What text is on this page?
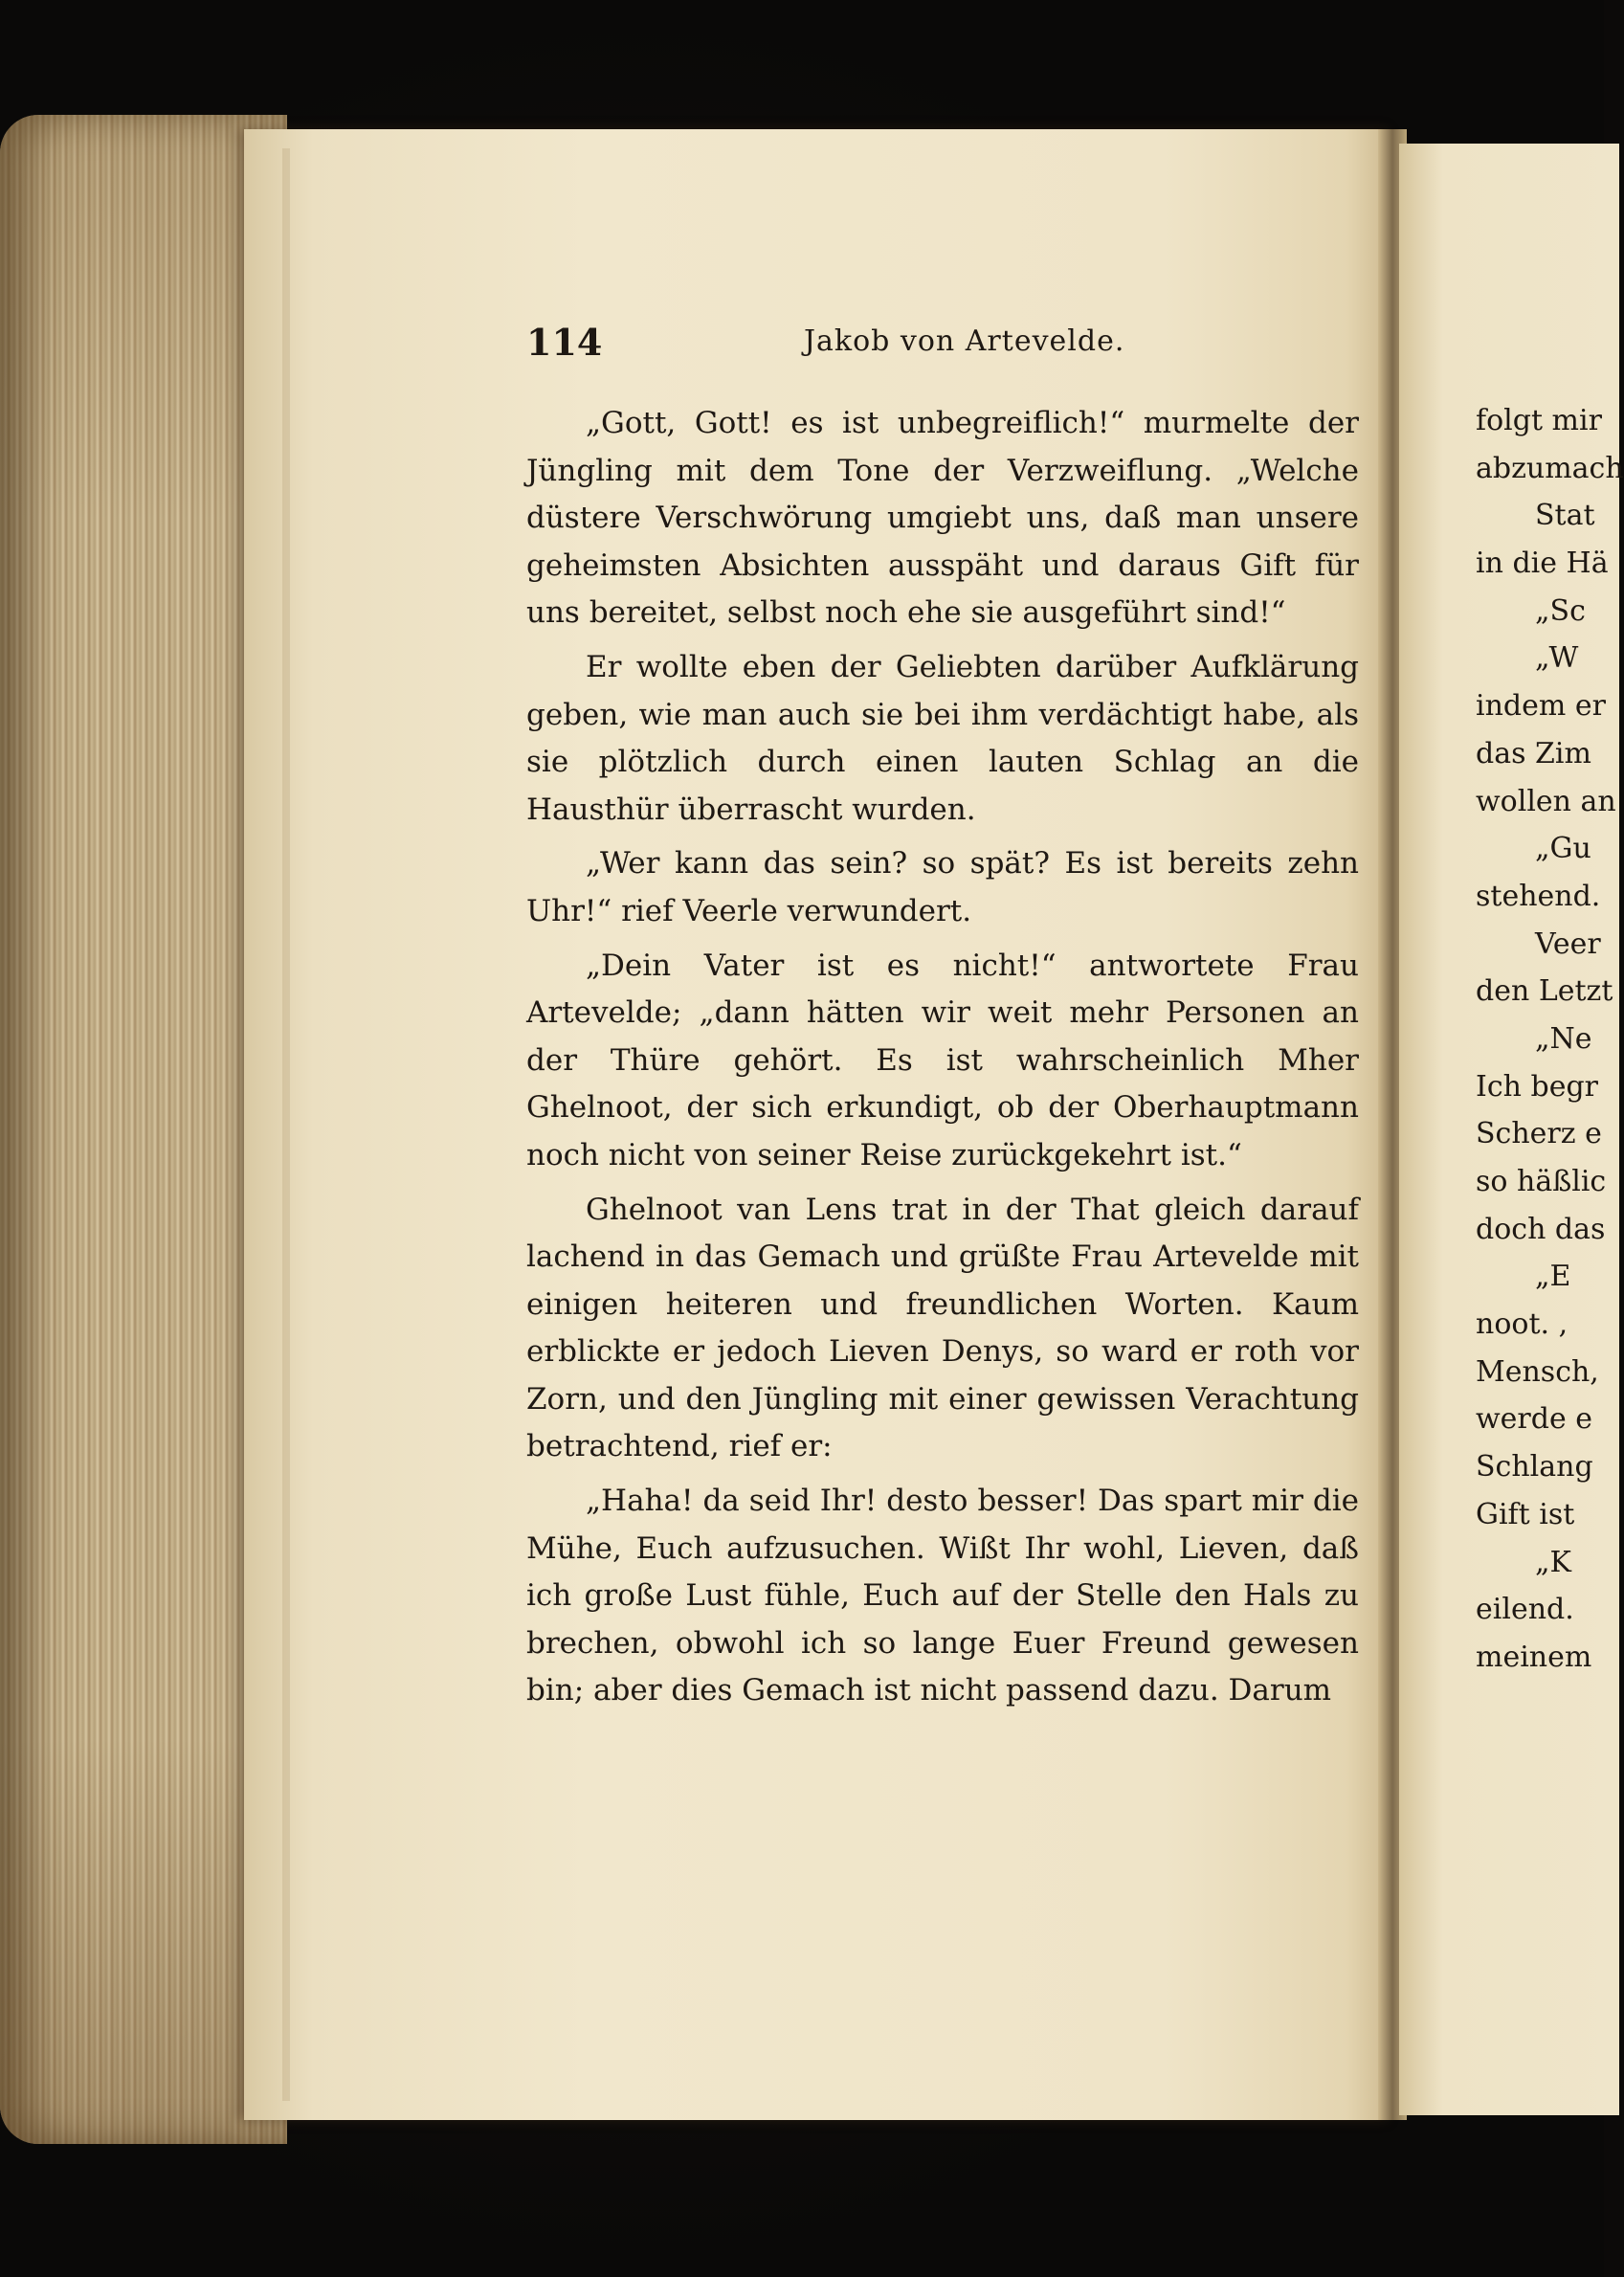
114	Jakob von Artevelde.

„Gott, Gott! es ist unbegreiflich!“ murmelte der Jüngling mit dem Tone der Verzweiflung. „Welche düstere Verschwörung umgiebt uns, daß man unsere geheimsten Absichten ausspäht und daraus Gift für uns bereitet, selbst noch ehe sie ausgeführt sind!“

Er wollte eben der Geliebten darüber Aufklärung geben, wie man auch sie bei ihm verdächtigt habe, als sie plötzlich durch einen lauten Schlag an die Hausthür überrascht wurden.

„Wer kann das sein? so spät? Es ist bereits zehn Uhr!“ rief Veerle verwundert.

„Dein Vater ist es nicht!“ antwortete Frau Artevelde; „dann hätten wir weit mehr Personen an der Thüre gehört. Es ist wahrscheinlich Mher Ghelnoot, der sich erkundigt, ob der Oberhauptmann noch nicht von seiner Reise zurückgekehrt ist.“

Ghelnoot van Lens trat in der That gleich darauf lachend in das Gemach und grüßte Frau Artevelde mit einigen heiteren und freundlichen Worten. Kaum erblickte er jedoch Lieven Denys, so ward er roth vor Zorn, und den Jüngling mit einer gewissen Verachtung betrachtend, rief er:

„Haha! da seid Ihr! desto besser! Das spart mir die Mühe, Euch aufzusuchen. Wißt Ihr wohl, Lieven, daß ich große Lust fühle, Euch auf der Stelle den Hals zu brechen, obwohl ich so lange Euer Freund gewesen bin; aber dies Gemach ist nicht passend dazu. Darum

folgt mir
abzumach
Stat
in die Hä
„Sc
„W
indem er
das Zim
wollen an
„Gu
stehend.
Veer
den Letzt
„Ne
Ich begr
Scherz e
so häßlic
doch das
„E
noot. ,
Mensch,
werde e
Schlang
Gift ist
„K
eilend.
meinem
